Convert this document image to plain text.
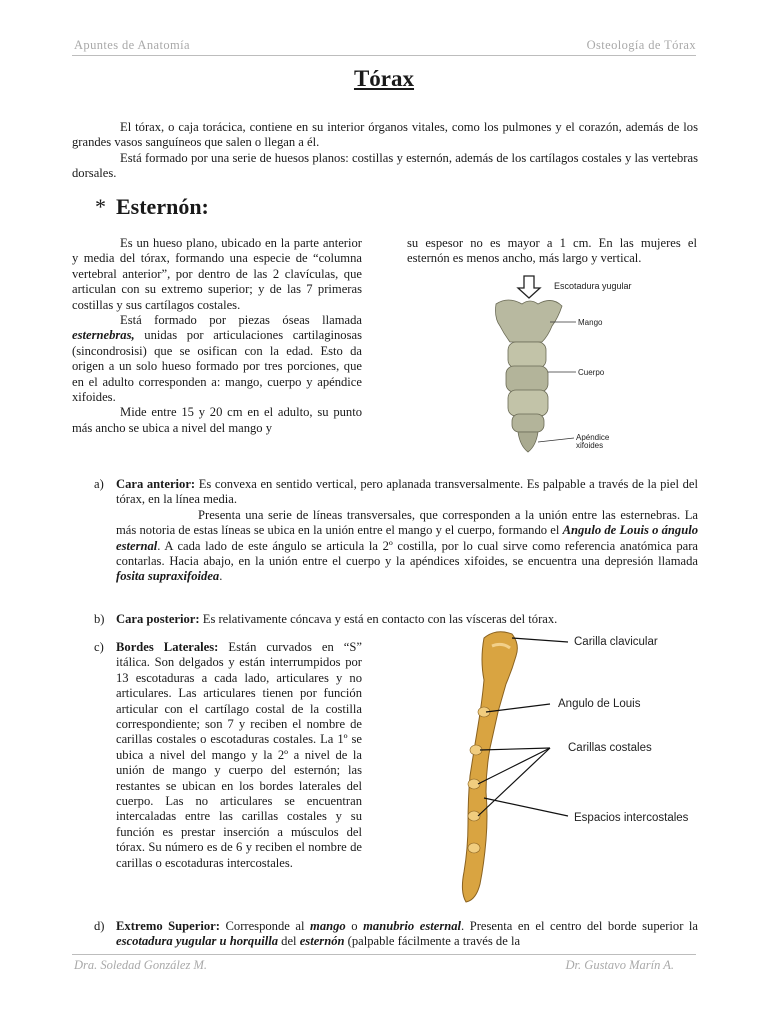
Apuntes de Anatomía	Osteología de Tórax
Tórax
El tórax, o caja torácica, contiene en su interior órganos vitales, como los pulmones y el corazón, además de los grandes vasos sanguíneos que salen o llegan a él.
Está formado por una serie de huesos planos: costillas y esternón, además de los cartílagos costales y las vertebras dorsales.
* Esternón:
Es un hueso plano, ubicado en la parte anterior y media del tórax, formando una especie de “columna vertebral anterior”, por dentro de las 2 clavículas, que articulan con su extremo superior; y de las 7 primeras costillas y sus cartílagos costales.
Está formado por piezas óseas llamada esternebras, unidas por articulaciones cartilaginosas (sincondrosisi) que se osifican con la edad. Esto da origen a un solo hueso formado por tres porciones, que en el adulto corresponden a: mango, cuerpo y apéndice xifoides.
Mide entre 15 y 20 cm en el adulto, su punto más ancho se ubica a nivel del mango y
su espesor no es mayor a 1 cm. En las mujeres el esternón es menos ancho, más largo y vertical.
Escotadura yugular
Mango
Cuerpo
Apéndice xifoides
a) Cara anterior: Es convexa en sentido vertical, pero aplanada transversalmente. Es palpable a través de la piel del tórax, en la línea media.
Presenta una serie de líneas transversales, que corresponden a la unión entre las esternebras. La más notoria de estas líneas se ubica en la unión entre el mango y el cuerpo, formando el Angulo de Louis o ángulo esternal. A cada lado de este ángulo se articula la 2º costilla, por lo cual sirve como referencia anatómica para contarlas. Hacia abajo, en la unión entre el cuerpo y la apéndices xifoides, se encuentra una depresión llamada fosita supraxifoidea.
b) Cara posterior: Es relativamente cóncava y está en contacto con las vísceras del tórax.
c) Bordes Laterales: Están curvados en “S” itálica. Son delgados y están interrumpidos por 13 escotaduras a cada lado, articulares y no articulares. Las articulares tienen por función articular con el cartílago costal de la costilla correspondiente; son 7 y reciben el nombre de carillas costales o escotaduras costales. La 1º se ubica a nivel del mango y la 2º a nivel de la unión de mango y cuerpo del esternón; las restantes se ubican en los bordes laterales del cuerpo. Las no articulares se encuentran intercaladas entre las carillas costales y su función es prestar inserción a músculos del tórax. Su número es de 6 y reciben el nombre de carillas o escotaduras intercostales.
Carilla clavicular
Angulo de Louis
Carillas costales
Espacios intercostales
d) Extremo Superior: Corresponde al mango o manubrio esternal. Presenta en el centro del borde superior la escotadura yugular u horquilla del esternón (palpable fácilmente a través de la
Dra. Soledad González M.	Dr. Gustavo Marín A.
